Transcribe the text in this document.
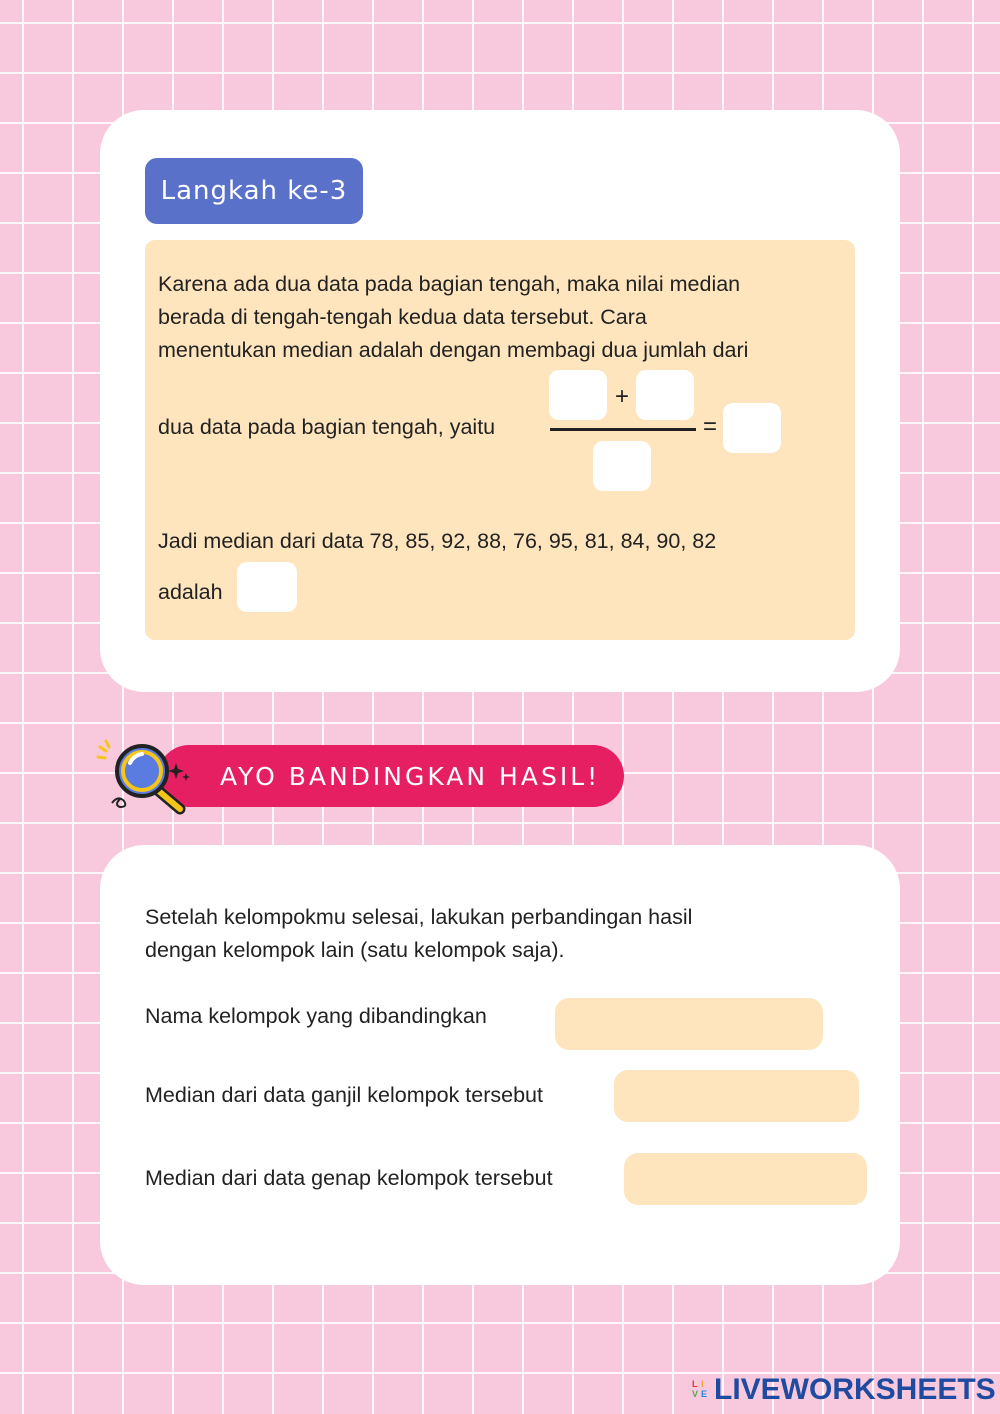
Langkah ke-3
Karena ada dua data pada bagian tengah, maka nilai median
berada di tengah-tengah kedua data tersebut. Cara
menentukan median adalah dengan membagi dua jumlah dari
dua data pada bagian tengah, yaitu
+
=
Jadi median dari data 78, 85, 92, 88, 76, 95, 81, 84, 90, 82
adalah
AYO BANDINGKAN HASIL!
Setelah kelompokmu selesai, lakukan perbandingan hasil
dengan kelompok lain (satu kelompok saja).
Nama kelompok yang dibandingkan
Median dari data ganjil kelompok tersebut
Median dari data genap kelompok tersebut
L I
V E LIVEWORKSHEETS
